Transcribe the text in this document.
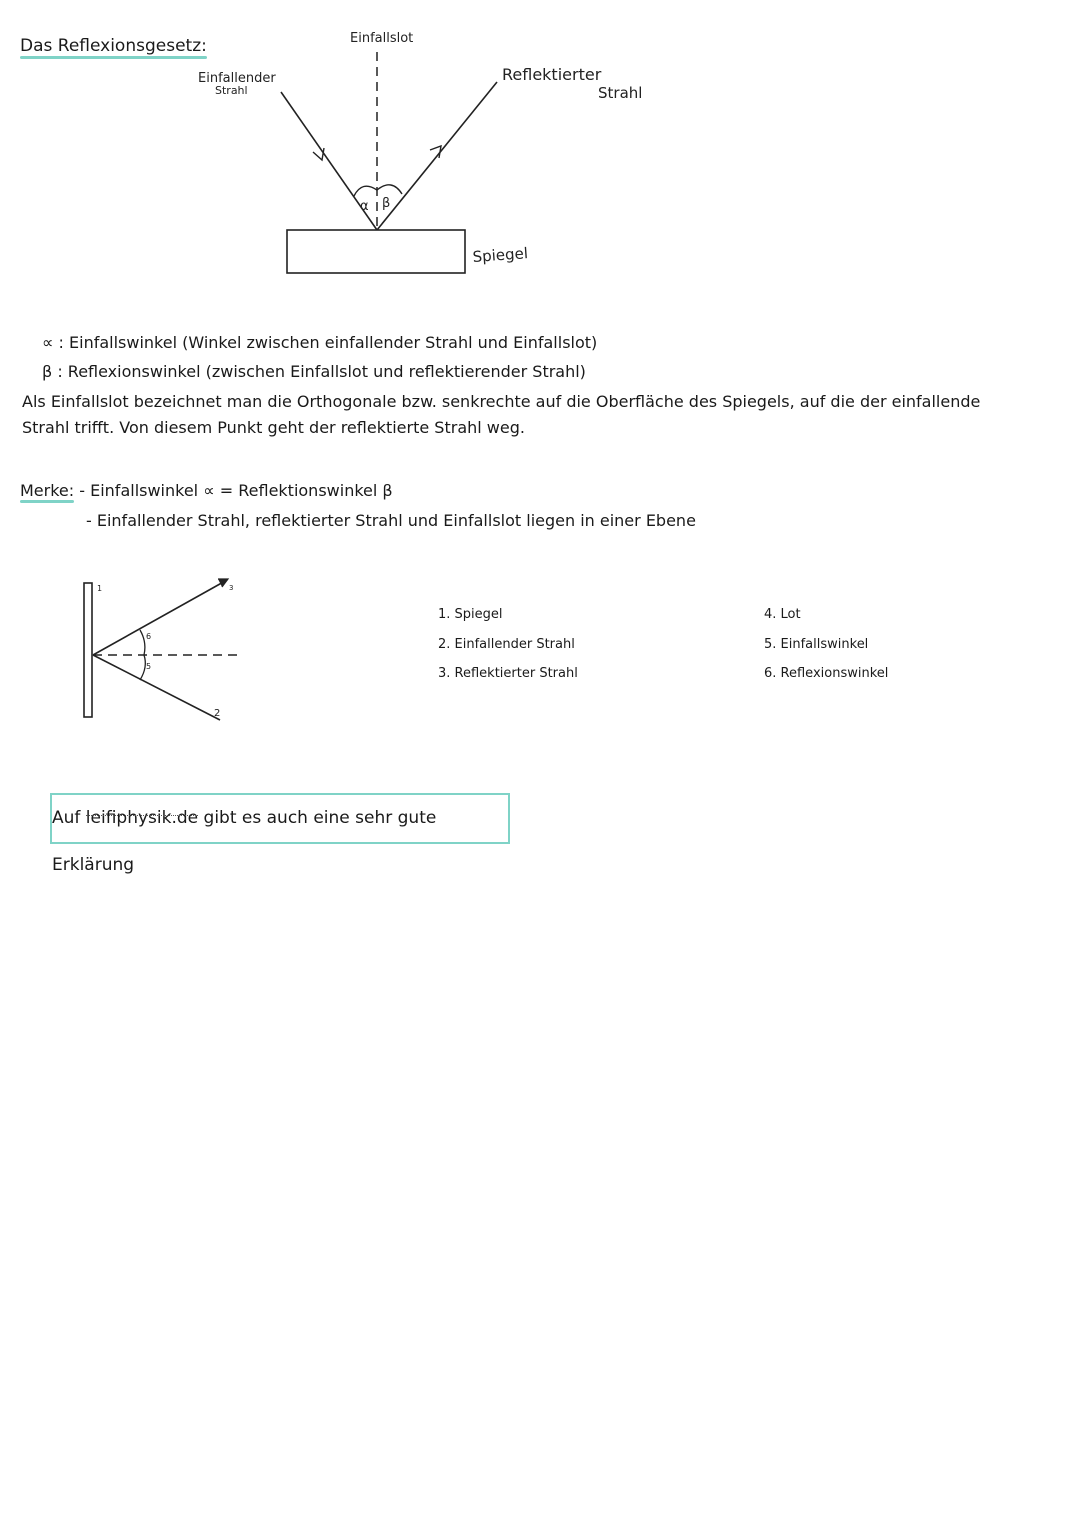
Das Reflexionsgesetz:
α β
Einfallslot
Einfallender
Strahl
Reflektierter
Strahl
Spiegel
∝ : Einfallswinkel (Winkel zwischen einfallender Strahl und Einfallslot)
β : Reflexionswinkel (zwischen Einfallslot und reflektierender Strahl)
Als Einfallslot bezeichnet man die Orthogonale bzw. senkrechte auf die Oberfläche des Spiegels, auf die der einfallende
Strahl trifft. Von diesem Punkt geht der reflektierte Strahl weg.
Merke: - Einfallswinkel ∝ = Reflektionswinkel β
- Einfallender Strahl, reflektierter Strahl und Einfallslot liegen in einer Ebene
1
2
3
5
6	4
1. Spiegel
2. Einfallender Strahl
3. Reflektierter Strahl
4. Lot
5. Einfallswinkel
6. Reflexionswinkel
Auf leifiphysik.de gibt es auch eine sehr gute Erklärung
